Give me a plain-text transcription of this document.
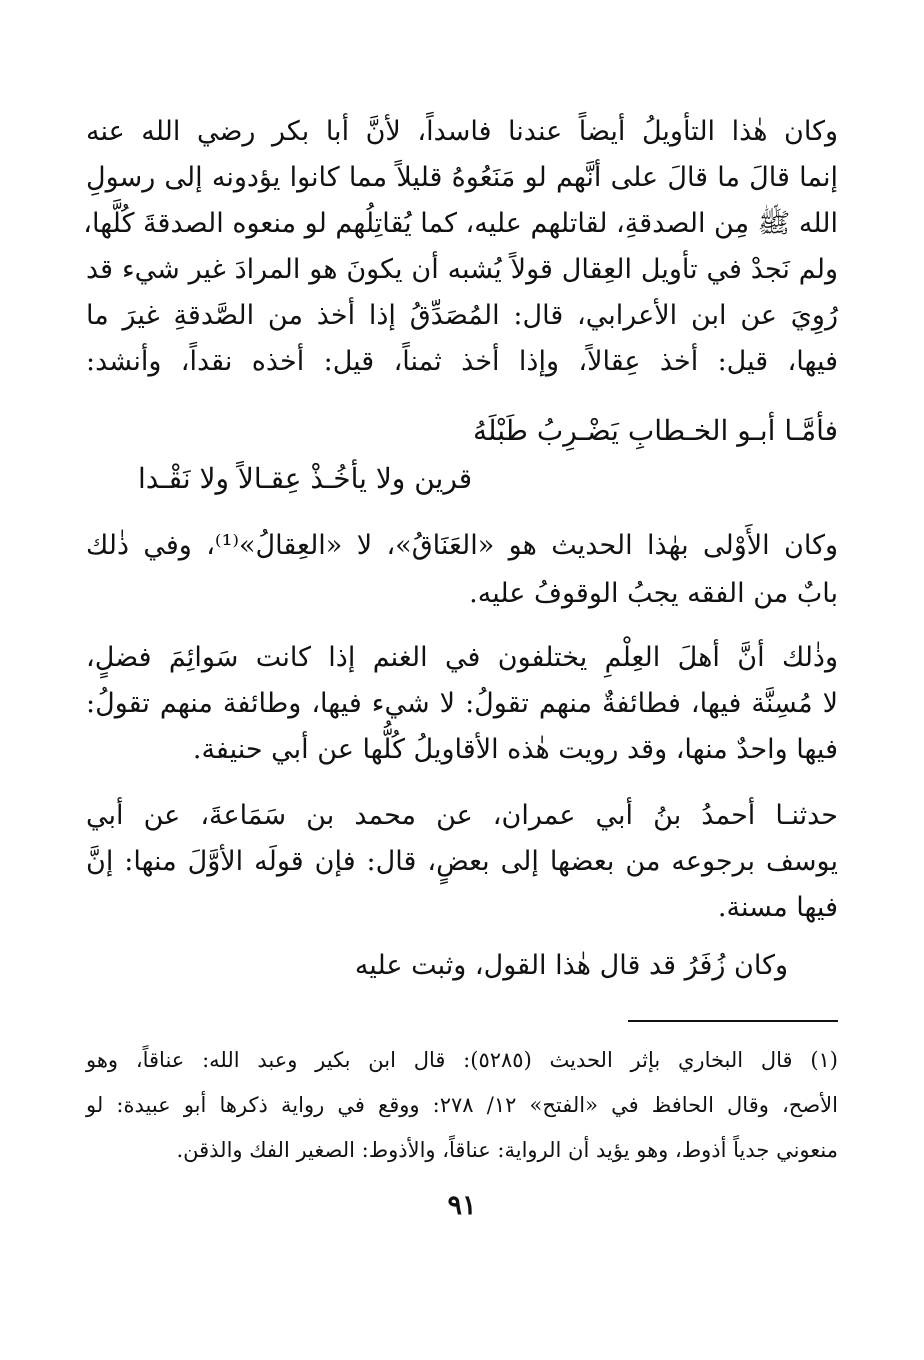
وكان هٰذا التأويلُ أيضاً عندنا فاسداً، لأنَّ أبا بكر رضي الله عنه
إنما قالَ ما قالَ على أنَّهم لو مَنَعُوهُ قليلاً مما كانوا يؤدونه إلى رسولِ
الله ﷺ مِن الصدقةِ، لقاتلهم عليه، كما يُقاتِلُهم لو منعوه الصدقةَ كُلَّها،
ولم نَجدْ في تأويل العِقال قولاً يُشبه أن يكونَ هو المرادَ غير شيء قد
رُوِيَ عن ابن الأعرابي، قال: المُصَدِّقُ إذا أخذ من الصَّدقةِ غيرَ ما
فيها، قيل: أخذ عِقالاً، وإذا أخذ ثمناً، قيل: أخذه نقداً، وأنشد:
فأمَّـا أبـو الخـطابِ يَضْـرِبُ طَبْلَهُ
قرين ولا يأخُـذْ عِقـالاً ولا نَقْـدا
وكان الأَوْلى بهٰذا الحديث هو «العَنَاقُ»، لا «العِقالُ»⁽¹⁾، وفي ذٰلك
بابٌ من الفقه يجبُ الوقوفُ عليه.
وذٰلك أنَّ أهلَ العِلْمِ يختلفون في الغنم إذا كانت سَوائِمَ فضلٍ،
لا مُسِنَّة فيها، فطائفةٌ منهم تقولُ: لا شيء فيها، وطائفة منهم تقولُ:
فيها واحدٌ منها، وقد رويت هٰذه الأقاويلُ كُلُّها عن أبي حنيفة.
حدثنـا أحمدُ بنُ أبي عمران، عن محمد بن سَمَاعةَ، عن أبي
يوسف برجوعه من بعضها إلى بعضٍ، قال: فإن قولَه الأوَّلَ منها: إنَّ
فيها مسنة.
وكان زُفَرُ قد قال هٰذا القول، وثبت عليه
(١) قال البخاري بإثر الحديث (٥٢٨٥): قال ابن بكير وعبد الله: عناقاً، وهو
الأصح، وقال الحافظ في «الفتح» ١٢/ ٢٧٨: ووقع في رواية ذكرها أبو عبيدة: لو
منعوني جدياً أذوط، وهو يؤيد أن الرواية: عناقاً، والأذوط: الصغير الفك والذقن.
٩١
